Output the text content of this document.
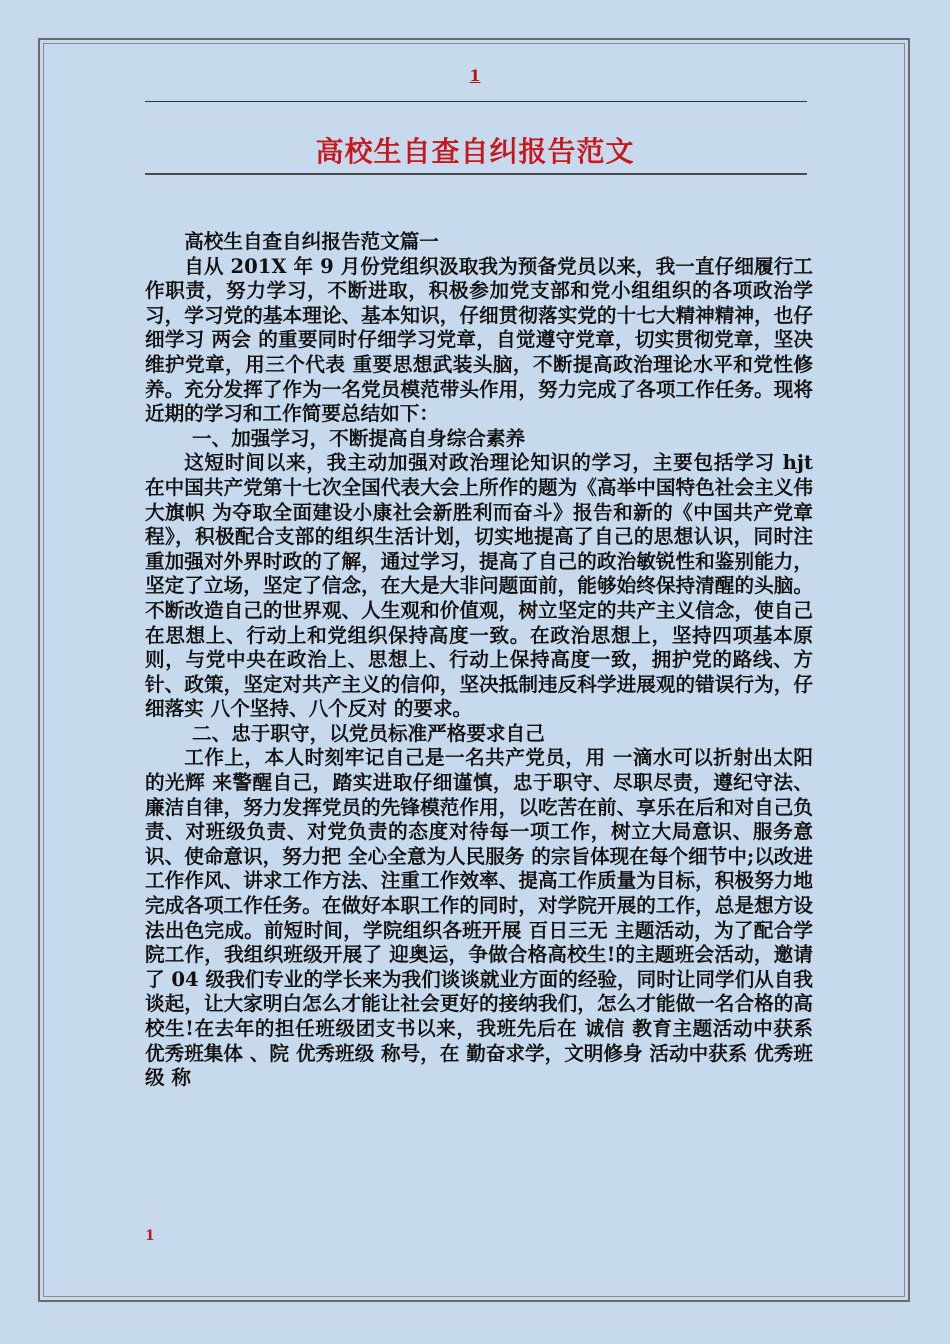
1
高校生自查自纠报告范文

高校生自查自纠报告范文篇一

自从 201X 年 9 月份党组织汲取我为预备党员以来，我一直仔细履行工作职责，努力学习，不断进取，积极参加党支部和党小组组织的各项政治学习，学习党的基本理论、基本知识，仔细贯彻落实党的十七大精神精神，也仔细学习 两会 的重要同时仔细学习党章，自觉遵守党章，切实贯彻党章，坚决维护党章，用三个代表 重要思想武装头脑，不断提高政治理论水平和党性修养。充分发挥了作为一名党员模范带头作用，努力完成了各项工作任务。现将近期的学习和工作简要总结如下：

一、加强学习，不断提高自身综合素养

这短时间以来，我主动加强对政治理论知识的学习，主要包括学习 hjt 在中国共产党第十七次全国代表大会上所作的题为《高举中国特色社会主义伟大旗帜 为夺取全面建设小康社会新胜利而奋斗》报告和新的《中国共产党章程》，积极配合支部的组织生活计划，切实地提高了自己的思想认识，同时注重加强对外界时政的了解，通过学习，提高了自己的政治敏锐性和鉴别能力，坚定了立场，坚定了信念，在大是大非问题面前，能够始终保持清醒的头脑。不断改造自己的世界观、人生观和价值观，树立坚定的共产主义信念，使自己在思想上、行动上和党组织保持高度一致。在政治思想上，坚持四项基本原则，与党中央在政治上、思想上、行动上保持高度一致，拥护党的路线、方针、政策，坚定对共产主义的信仰，坚决抵制违反科学进展观的错误行为，仔细落实 八个坚持、八个反对 的要求。

二、忠于职守，以党员标准严格要求自己

工作上，本人时刻牢记自己是一名共产党员，用 一滴水可以折射出太阳的光辉 来警醒自己，踏实进取仔细谨慎，忠于职守、尽职尽责，遵纪守法、廉洁自律，努力发挥党员的先锋模范作用，以吃苦在前、享乐在后和对自己负责、对班级负责、对党负责的态度对待每一项工作，树立大局意识、服务意识、使命意识，努力把 全心全意为人民服务 的宗旨体现在每个细节中;以改进工作作风、讲求工作方法、注重工作效率、提高工作质量为目标，积极努力地完成各项工作任务。在做好本职工作的同时，对学院开展的工作，总是想方设法出色完成。前短时间，学院组织各班开展 百日三无 主题活动，为了配合学院工作，我组织班级开展了 迎奥运，争做合格高校生!的主题班会活动，邀请了 04 级我们专业的学长来为我们谈谈就业方面的经验，同时让同学们从自我谈起，让大家明白怎么才能让社会更好的接纳我们，怎么才能做一名合格的高校生!在去年的担任班级团支书以来，我班先后在 诚信 教育主题活动中获系 优秀班集体 、院 优秀班级 称号，在 勤奋求学，文明修身 活动中获系 优秀班级 称

1
